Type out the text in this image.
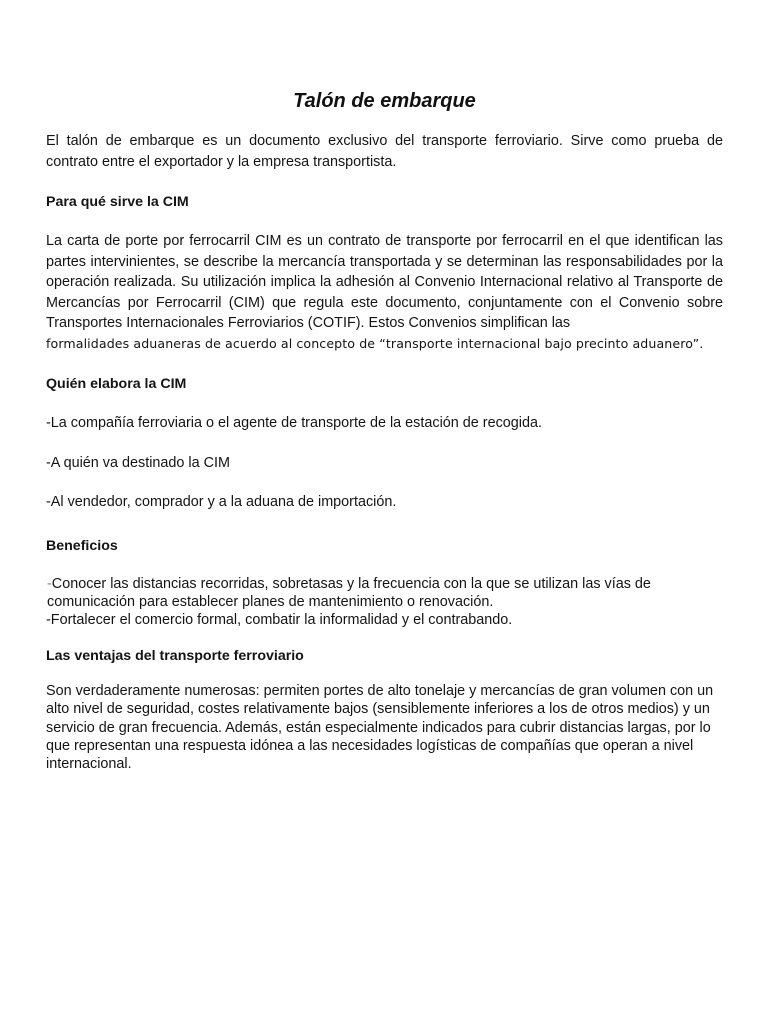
Talón de embarque

El talón de embarque es un documento exclusivo del transporte ferroviario. Sirve como prueba de contrato entre el exportador y la empresa transportista.

Para qué sirve la CIM

La carta de porte por ferrocarril CIM es un contrato de transporte por ferrocarril en el que identifican las partes intervinientes, se describe la mercancía transportada y se determinan las responsabilidades por la operación realizada. Su utilización implica la adhesión al Convenio Internacional relativo al Transporte de Mercancías por Ferrocarril (CIM) que regula este documento, conjuntamente con el Convenio sobre Transportes Internacionales Ferroviarios (COTIF). Estos Convenios simplifican las

formalidades aduaneras de acuerdo al concepto de “transporte internacional bajo precinto aduanero”.

Quién elabora la CIM

-La compañía ferroviaria o el agente de transporte de la estación de recogida.

-A quién va destinado la CIM

-Al vendedor, comprador y a la aduana de importación.

Beneficios

-Conocer las distancias recorridas, sobretasas y la frecuencia con la que se utilizan las vías de comunicación para establecer planes de mantenimiento o renovación.

-Fortalecer el comercio formal, combatir la informalidad y el contrabando.

Las ventajas del transporte ferroviario

Son verdaderamente numerosas: permiten portes de alto tonelaje y mercancías de gran volumen con un alto nivel de seguridad, costes relativamente bajos (sensiblemente inferiores a los de otros medios) y un servicio de gran frecuencia. Además, están especialmente indicados para cubrir distancias largas, por lo que representan una respuesta idónea a las necesidades logísticas de compañías que operan a nivel internacional.
